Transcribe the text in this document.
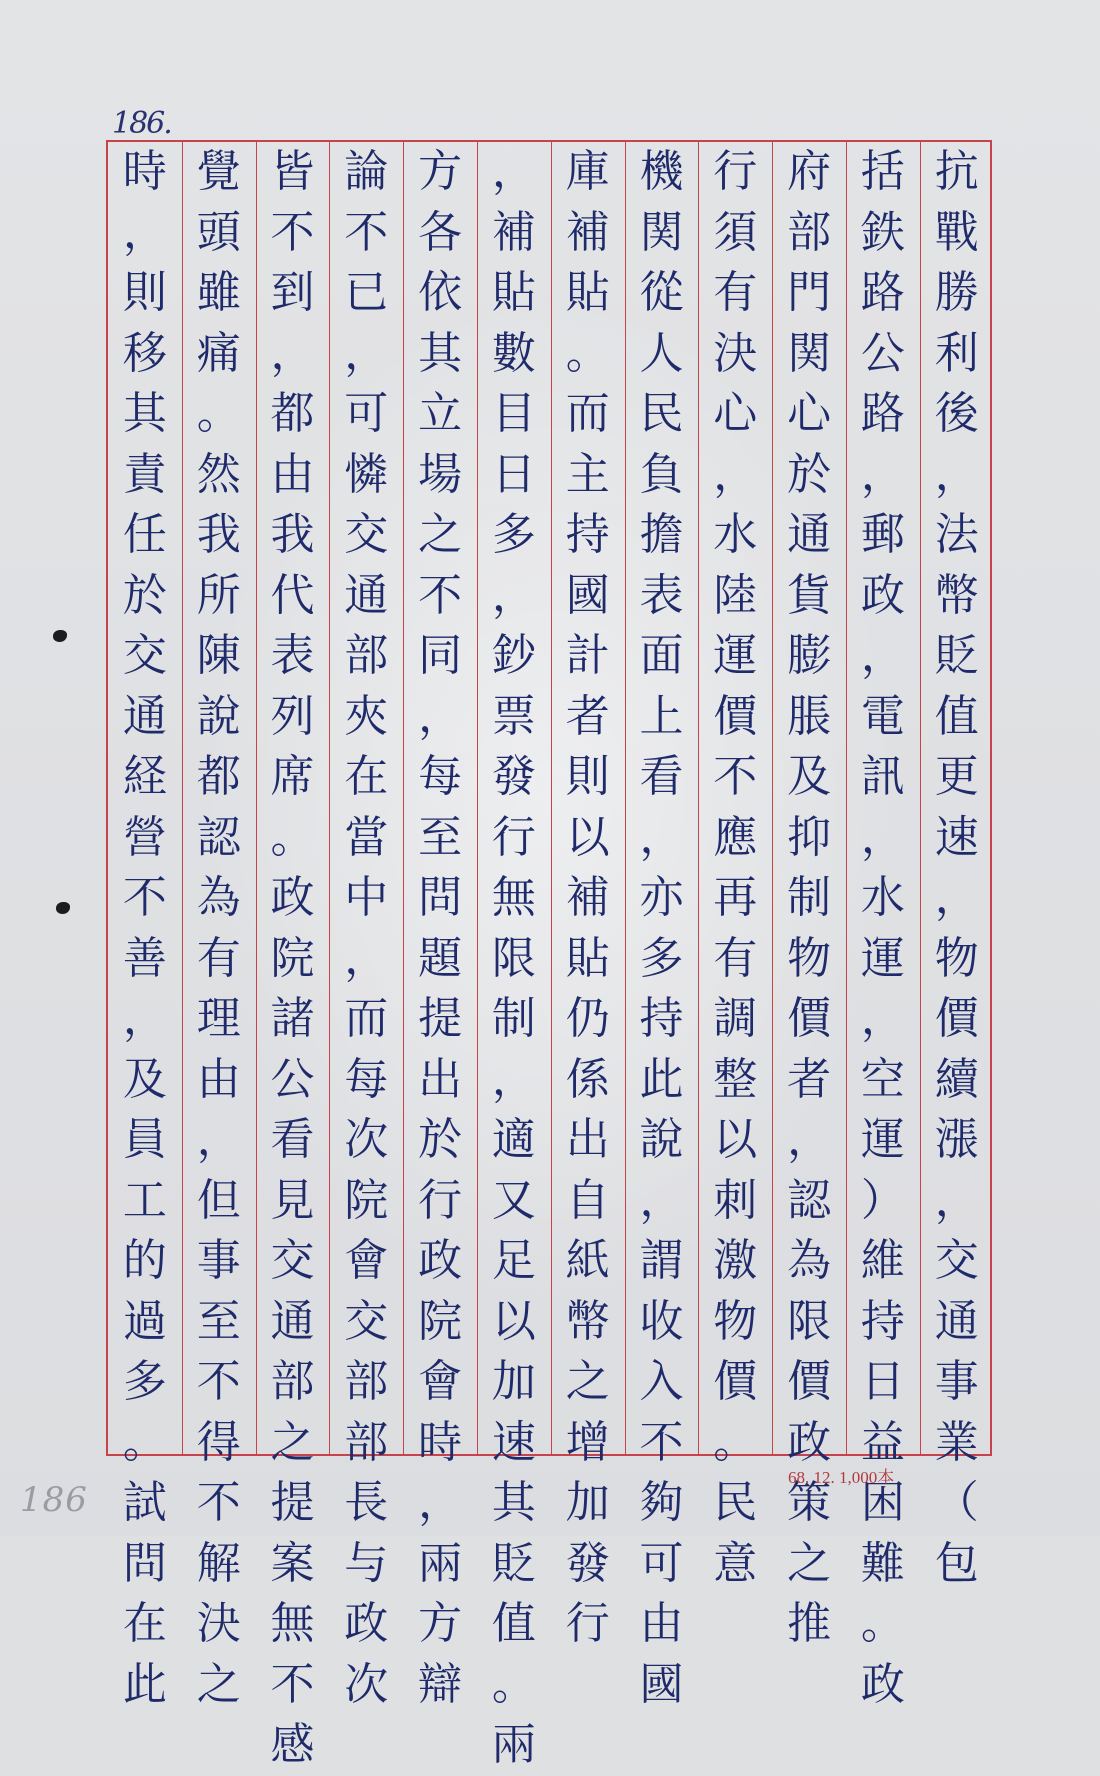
186.
抗
戰
勝
利
後
，
法
幣
貶
值
更
速
，
物
價
續
漲
，
交
通
事
業
（
包
括
鉄
路
公
路
，
郵
政
，
電
訊
，
水
運
，
空
運
）
維
持
日
益
困
難
。
政
府
部
門
関
心
於
通
貨
膨
脹
及
抑
制
物
價
者
，
認
為
限
價
政
策
之
推
行
須
有
決
心
，
水
陸
運
價
不
應
再
有
調
整
以
刺
激
物
價
。
民
意
機
関
從
人
民
負
擔
表
面
上
看
，
亦
多
持
此
說
，
謂
收
入
不
夠
可
由
國
庫
補
貼
。
而
主
持
國
計
者
則
以
補
貼
仍
係
出
自
紙
幣
之
增
加
發
行
，
補
貼
數
目
日
多
，
鈔
票
發
行
無
限
制
，
適
又
足
以
加
速
其
貶
值
。
兩
方
各
依
其
立
場
之
不
同
，
每
至
問
題
提
出
於
行
政
院
會
時
，
兩
方
辯
論
不
已
，
可
憐
交
通
部
夾
在
當
中
，
而
每
次
院
會
交
部
部
長
与
政
次
皆
不
到
，
都
由
我
代
表
列
席
。
政
院
諸
公
看
見
交
通
部
之
提
案
無
不
感
覺
頭
雖
痛
。
然
我
所
陳
說
都
認
為
有
理
由
，
但
事
至
不
得
不
解
決
之
時
，
則
移
其
責
任
於
交
通
経
營
不
善
，
及
員
工
的
過
多
。
試
問
在
此
68. 12. 1,000本
186
